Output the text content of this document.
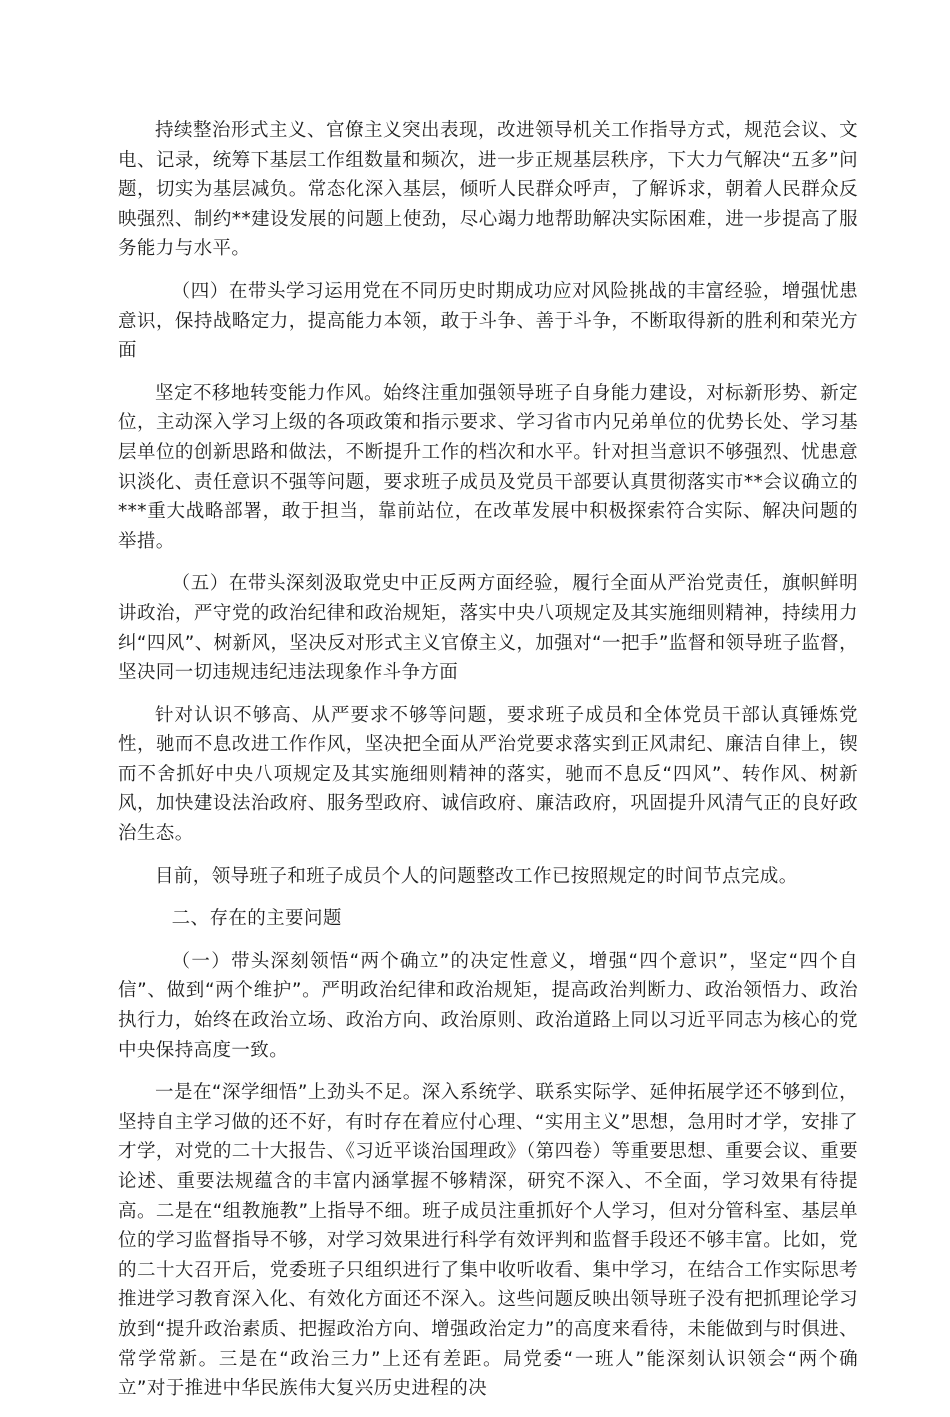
持续整治形式主义、官僚主义突出表现，改进领导机关工作指导方式，规范会议、文电、记录，统筹下基层工作组数量和频次，进一步正规基层秩序，下大力气解决“五多”问题，切实为基层减负。常态化深入基层，倾听人民群众呼声，了解诉求，朝着人民群众反映强烈、制约**建设发展的问题上使劲，尽心竭力地帮助解决实际困难，进一步提高了服务能力与水平。

（四）在带头学习运用党在不同历史时期成功应对风险挑战的丰富经验，增强忧患意识，保持战略定力，提高能力本领，敢于斗争、善于斗争，不断取得新的胜利和荣光方面

坚定不移地转变能力作风。始终注重加强领导班子自身能力建设，对标新形势、新定位，主动深入学习上级的各项政策和指示要求、学习省市内兄弟单位的优势长处、学习基层单位的创新思路和做法，不断提升工作的档次和水平。针对担当意识不够强烈、忧患意识淡化、责任意识不强等问题，要求班子成员及党员干部要认真贯彻落实市**会议确立的***重大战略部署，敢于担当，靠前站位，在改革发展中积极探索符合实际、解决问题的举措。

（五）在带头深刻汲取党史中正反两方面经验，履行全面从严治党责任，旗帜鲜明讲政治，严守党的政治纪律和政治规矩，落实中央八项规定及其实施细则精神，持续用力纠“四风”、树新风，坚决反对形式主义官僚主义，加强对“一把手”监督和领导班子监督，坚决同一切违规违纪违法现象作斗争方面

针对认识不够高、从严要求不够等问题，要求班子成员和全体党员干部认真锤炼党性，驰而不息改进工作作风，坚决把全面从严治党要求落实到正风肃纪、廉洁自律上，锲而不舍抓好中央八项规定及其实施细则精神的落实，驰而不息反“四风”、转作风、树新风，加快建设法治政府、服务型政府、诚信政府、廉洁政府，巩固提升风清气正的良好政治生态。

目前，领导班子和班子成员个人的问题整改工作已按照规定的时间节点完成。

二、存在的主要问题

（一）带头深刻领悟“两个确立”的决定性意义，增强“四个意识”，坚定“四个自信”、做到“两个维护”。严明政治纪律和政治规矩，提高政治判断力、政治领悟力、政治执行力，始终在政治立场、政治方向、政治原则、政治道路上同以习近平同志为核心的党中央保持高度一致。

一是在“深学细悟”上劲头不足。深入系统学、联系实际学、延伸拓展学还不够到位，坚持自主学习做的还不好，有时存在着应付心理、“实用主义”思想，急用时才学，安排了才学，对党的二十大报告、《习近平谈治国理政》（第四卷）等重要思想、重要会议、重要论述、重要法规蕴含的丰富内涵掌握不够精深，研究不深入、不全面，学习效果有待提高。二是在“组教施教”上指导不细。班子成员注重抓好个人学习，但对分管科室、基层单位的学习监督指导不够，对学习效果进行科学有效评判和监督手段还不够丰富。比如，党的二十大召开后，党委班子只组织进行了集中收听收看、集中学习，在结合工作实际思考推进学习教育深入化、有效化方面还不深入。这些问题反映出领导班子没有把抓理论学习放到“提升政治素质、把握政治方向、增强政治定力”的高度来看待，未能做到与时俱进、常学常新。三是在“政治三力”上还有差距。局党委“一班人”能深刻认识领会“两个确立”对于推进中华民族伟大复兴历史进程的决
